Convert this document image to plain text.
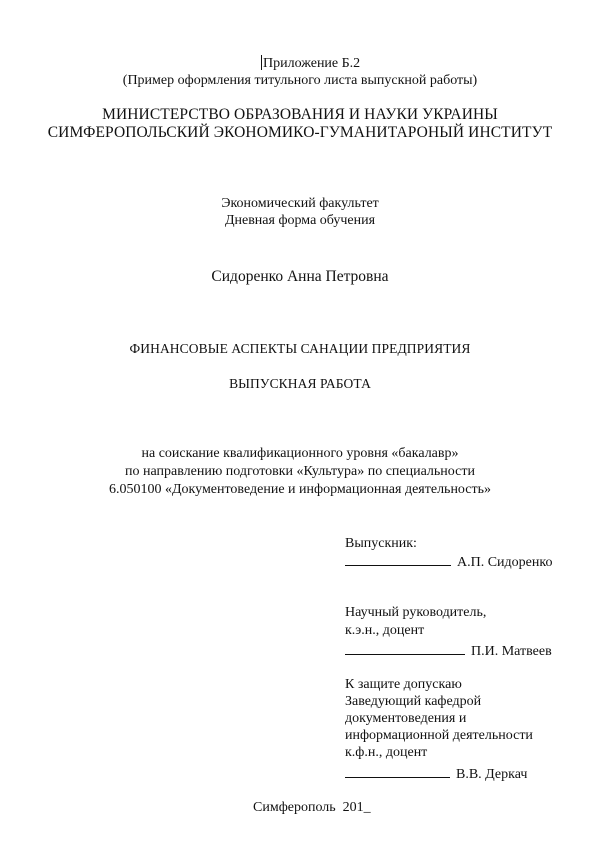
Приложение Б.2
(Пример оформления титульного листа выпускной работы)
МИНИСТЕРСТВО ОБРАЗОВАНИЯ И НАУКИ УКРАИНЫ
СИМФЕРОПОЛЬСКИЙ ЭКОНОМИКО-ГУМАНИТАРОНЫЙ ИНСТИТУТ
Экономический факультет
Дневная форма обучения
Сидоренко Анна Петровна
ФИНАНСОВЫЕ АСПЕКТЫ САНАЦИИ ПРЕДПРИЯТИЯ
ВЫПУСКНАЯ РАБОТА
на соискание квалификационного уровня «бакалавр»
по направлению подготовки «Культура» по специальности
6.050100 «Документоведение и информационная деятельность»
Выпускник:
А.П. Сидоренко
Научный руководитель,
к.э.н., доцент
П.И. Матвеев
К защите допускаю
Заведующий кафедрой
документоведения и
информационной деятельности
к.ф.н., доцент
В.В. Деркач
Симферополь  201_
